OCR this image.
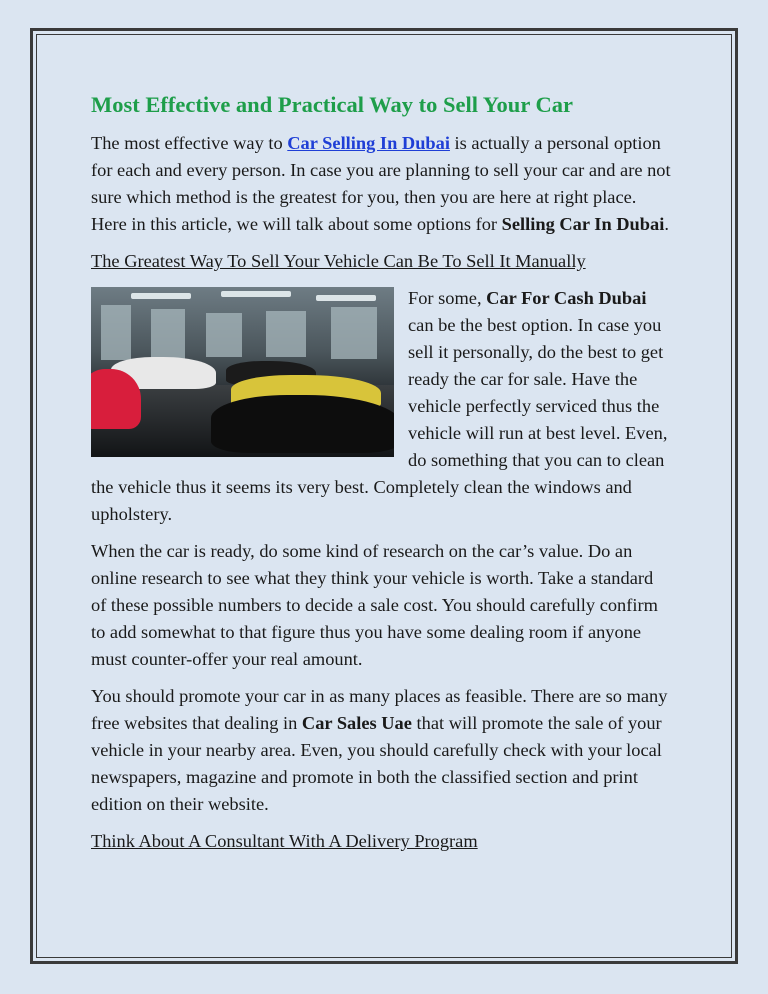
Most Effective and Practical Way to Sell Your Car

The most effective way to Car Selling In Dubai is actually a personal option for each and every person. In case you are planning to sell your car and are not sure which method is the greatest for you, then you are here at right place. Here in this article, we will talk about some options for Selling Car In Dubai.

The Greatest Way To Sell Your Vehicle Can Be To Sell It Manually

For some, Car For Cash Dubai
can be the best option. In case you sell it personally, do the best to get ready the car for sale. Have the vehicle perfectly serviced thus the vehicle will run at best level. Even, do something that you can to clean the vehicle thus it seems its very best. Completely clean the windows and upholstery.

When the car is ready, do some kind of research on the car’s value. Do an online research to see what they think your vehicle is worth. Take a standard of these possible numbers to decide a sale cost. You should carefully confirm to add somewhat to that figure thus you have some dealing room if anyone must counter-offer your real amount.

You should promote your car in as many places as feasible. There are so many free websites that dealing in Car Sales Uae that will promote the sale of your vehicle in your nearby area. Even, you should carefully check with your local newspapers, magazine and promote in both the classified section and print edition on their website.

Think About A Consultant With A Delivery Program
